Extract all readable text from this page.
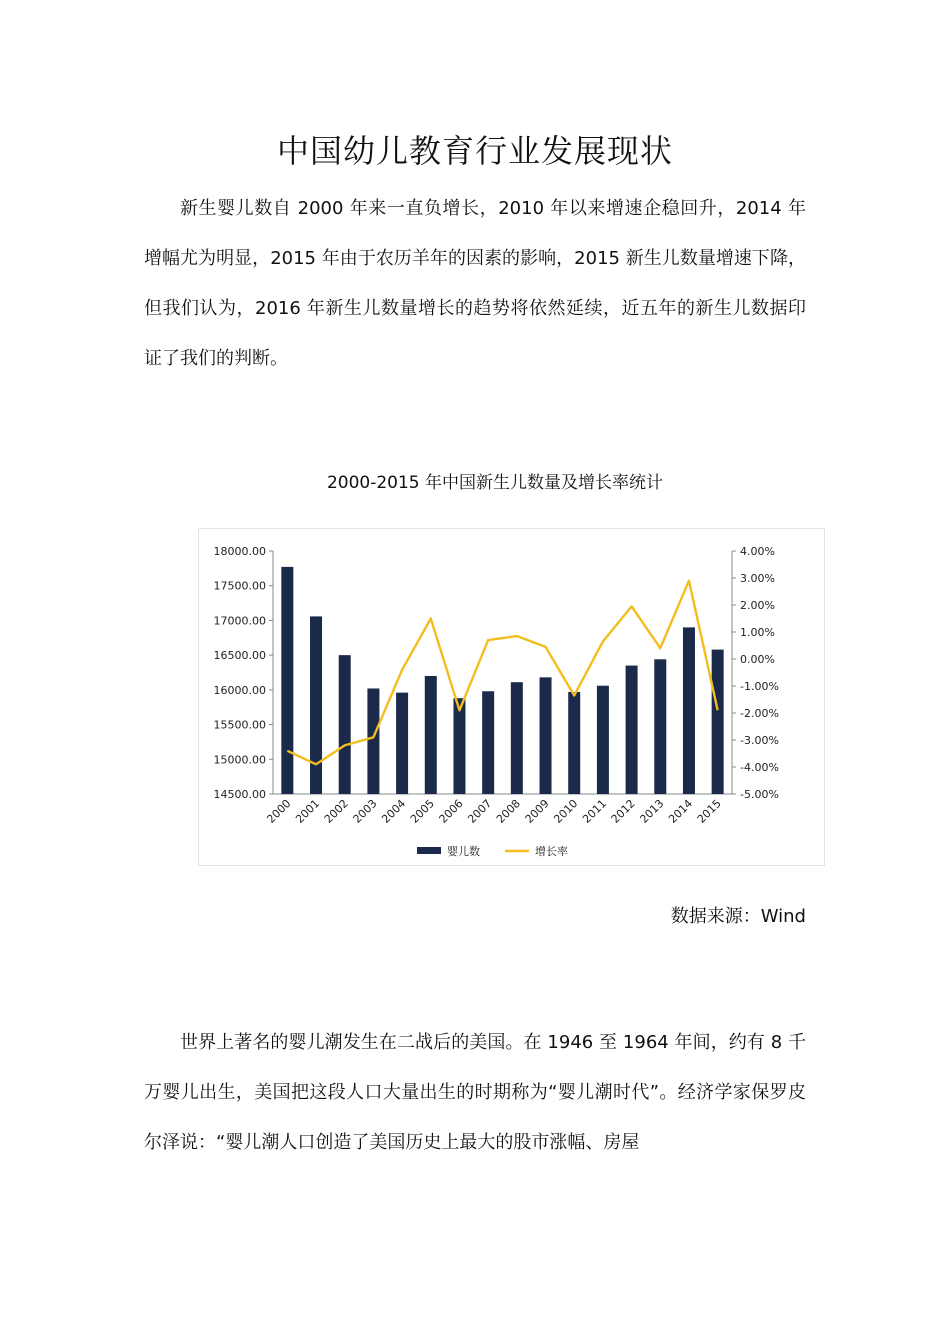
中国幼儿教育行业发展现状

新生婴儿数自 2000 年来一直负增长，2010 年以来增速企稳回升，2014 年增幅尤为明显，2015 年由于农历羊年的因素的影响，2015 新生儿数量增速下降，但我们认为，2016 年新生儿数量增长的趋势将依然延续，近五年的新生儿数据印证了我们的判断。

2000-2015 年中国新生儿数量及增长率统计
14500.00
15000.00
15500.00
16000.00
16500.00
17000.00
17500.00
18000.00
-5.00%
-4.00%
-3.00%
-2.00%
-1.00%
0.00%
1.00%
2.00%
3.00%
4.00%
2000 2001 2002 2003 2004 2005 2006 2007 2008 2009 2010 2011 2012 2013 2014 2015
婴儿数	增长率
数据来源：Wind

世界上著名的婴儿潮发生在二战后的美国。在 1946 至 1964 年间，约有 8 千万婴儿出生，美国把这段人口大量出生的时期称为“婴儿潮时代”。经济学家保罗皮尔泽说：“婴儿潮人口创造了美国历史上最大的股市涨幅、房屋
